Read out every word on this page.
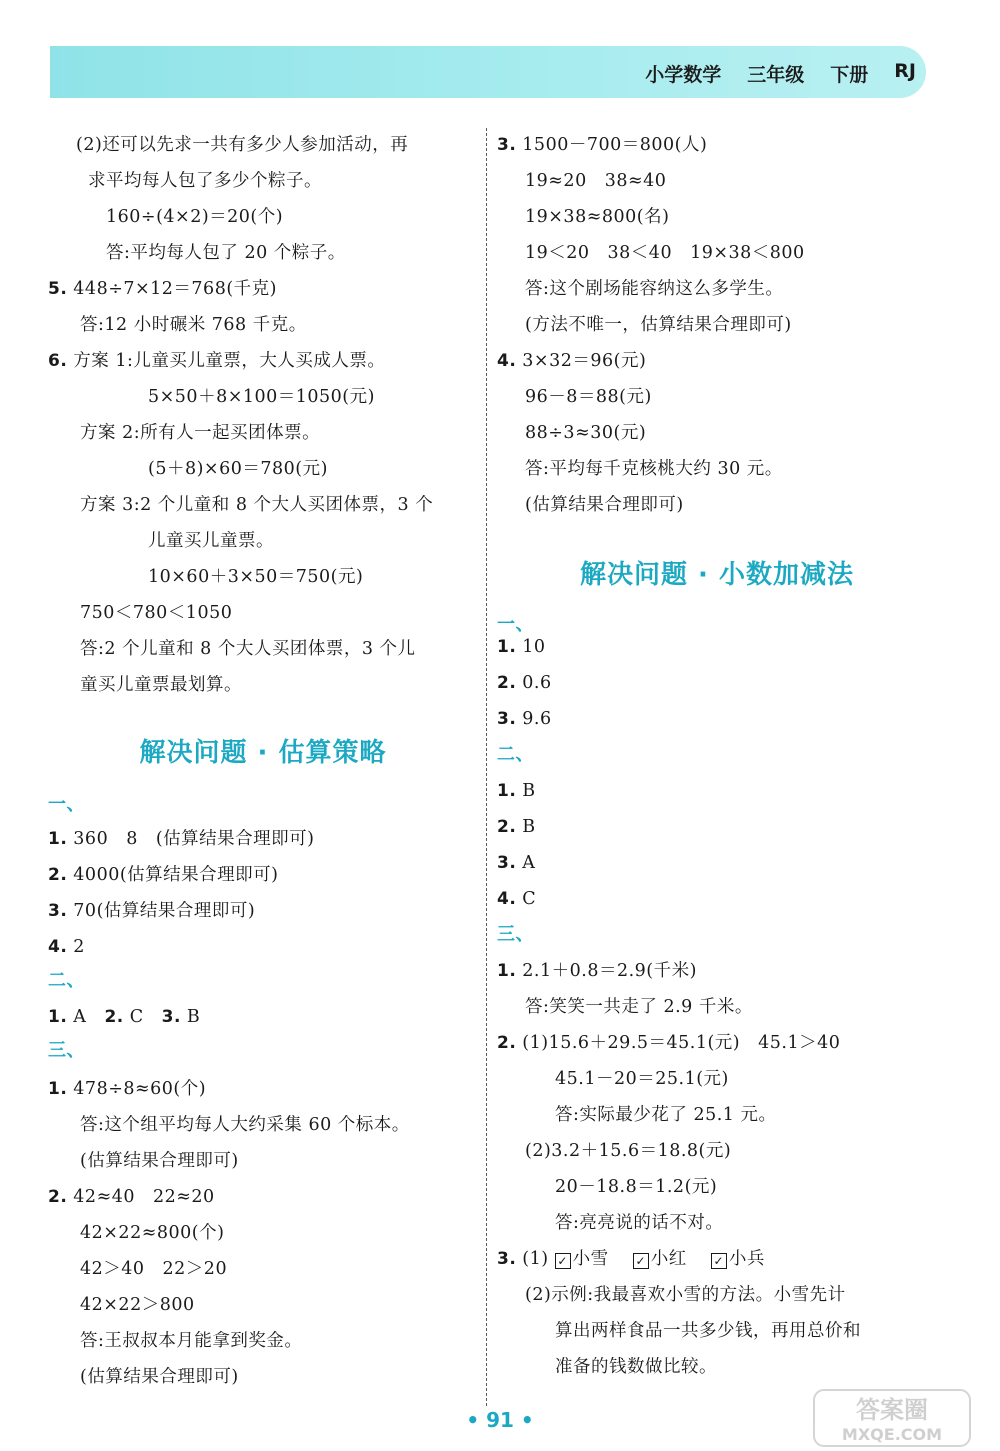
小学数学 三年级 下册 RJ
(2)还可以先求一共有多少人参加活动，再
求平均每人包了多少个粽子。
160÷(4×2)＝20(个)
答:平均每人包了 20 个粽子。
5. 448÷7×12＝768(千克)
答:12 小时碾米 768 千克。
6. 方案 1:儿童买儿童票，大人买成人票。
5×50＋8×100＝1050(元)
方案 2:所有人一起买团体票。
(5＋8)×60＝780(元)
方案 3:2 个儿童和 8 个大人买团体票，3 个
儿童买儿童票。
10×60＋3×50＝750(元)
750＜780＜1050
答:2 个儿童和 8 个大人买团体票，3 个儿
童买儿童票最划算。
解决问题 · 估算策略
一、
1. 360　8　(估算结果合理即可)
2. 4000(估算结果合理即可)
3. 70(估算结果合理即可)
4. 2
二、
1. A　 2. C　 3. B
三、
1. 478÷8≈60(个)
答:这个组平均每人大约采集 60 个标本。
(估算结果合理即可)
2. 42≈40　22≈20
42×22≈800(个)
42＞40　22＞20
42×22＞800
答:王叔叔本月能拿到奖金。
(估算结果合理即可)
3. 1500－700＝800(人)
19≈20　38≈40
19×38≈800(名)
19＜20　38＜40　19×38＜800
答:这个剧场能容纳这么多学生。
(方法不唯一，估算结果合理即可)
4. 3×32＝96(元)
96－8＝88(元)
88÷3≈30(元)
答:平均每千克核桃大约 30 元。
(估算结果合理即可)
解决问题 · 小数加减法
一、
1. 10
2. 0.6
3. 9.6
二、
1. B
2. B
3. A
4. C
三、
1. 2.1＋0.8＝2.9(千米)
答:笑笑一共走了 2.9 千米。
2. (1)15.6＋29.5＝45.1(元)　45.1＞40
45.1－20＝25.1(元)
答:实际最少花了 25.1 元。
(2)3.2＋15.6＝18.8(元)
20－18.8＝1.2(元)
答:亮亮说的话不对。
3. (1) ✓ 小雪　 ✓ 小红　 ✓ 小兵
(2)示例:我最喜欢小雪的方法。小雪先计
算出两样食品一共多少钱，再用总价和
准备的钱数做比较。
• 91 •	答案圈
MXQE.COM
